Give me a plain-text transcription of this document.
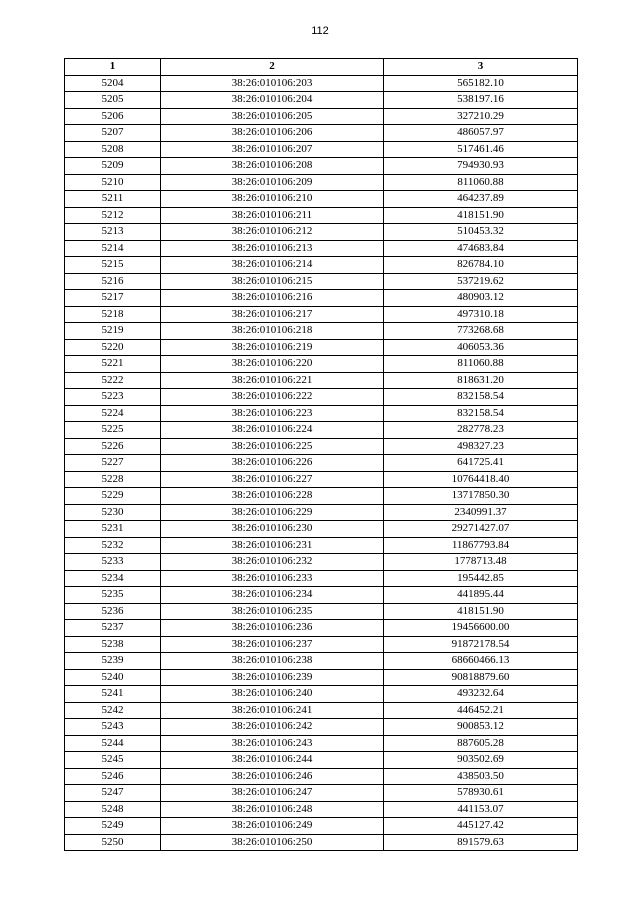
112
1	2	3
5204	38:26:010106:203	565182.10
5205	38:26:010106:204	538197.16
5206	38:26:010106:205	327210.29
5207	38:26:010106:206	486057.97
5208	38:26:010106:207	517461.46
5209	38:26:010106:208	794930.93
5210	38:26:010106:209	811060.88
5211	38:26:010106:210	464237.89
5212	38:26:010106:211	418151.90
5213	38:26:010106:212	510453.32
5214	38:26:010106:213	474683.84
5215	38:26:010106:214	826784.10
5216	38:26:010106:215	537219.62
5217	38:26:010106:216	480903.12
5218	38:26:010106:217	497310.18
5219	38:26:010106:218	773268.68
5220	38:26:010106:219	406053.36
5221	38:26:010106:220	811060.88
5222	38:26:010106:221	818631.20
5223	38:26:010106:222	832158.54
5224	38:26:010106:223	832158.54
5225	38:26:010106:224	282778.23
5226	38:26:010106:225	498327.23
5227	38:26:010106:226	641725.41
5228	38:26:010106:227	10764418.40
5229	38:26:010106:228	13717850.30
5230	38:26:010106:229	2340991.37
5231	38:26:010106:230	29271427.07
5232	38:26:010106:231	11867793.84
5233	38:26:010106:232	1778713.48
5234	38:26:010106:233	195442.85
5235	38:26:010106:234	441895.44
5236	38:26:010106:235	418151.90
5237	38:26:010106:236	19456600.00
5238	38:26:010106:237	91872178.54
5239	38:26:010106:238	68660466.13
5240	38:26:010106:239	90818879.60
5241	38:26:010106:240	493232.64
5242	38:26:010106:241	446452.21
5243	38:26:010106:242	900853.12
5244	38:26:010106:243	887605.28
5245	38:26:010106:244	903502.69
5246	38:26:010106:246	438503.50
5247	38:26:010106:247	578930.61
5248	38:26:010106:248	441153.07
5249	38:26:010106:249	445127.42
5250	38:26:010106:250	891579.63
